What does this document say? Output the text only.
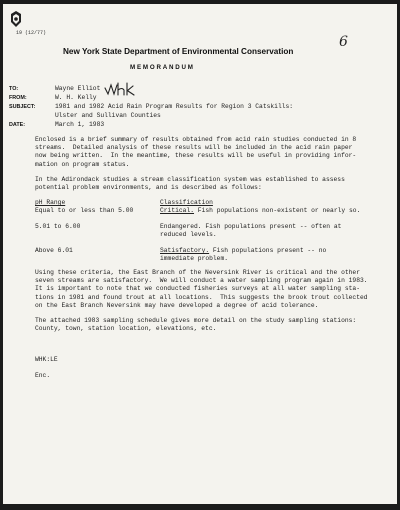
19 (12/77)
6
New York State Department of Environmental Conservation
MEMORANDUM
TO:	Wayne Elliot
FROM:	W. H. Kelly
SUBJECT:	1981 and 1982 Acid Rain Program Results for Region 3 Catskills:
Ulster and Sullivan Counties
DATE:	March 1, 1983

Enclosed is a brief summary of results obtained from acid rain studies conducted in 8
streams.  Detailed analysis of these results will be included in the acid rain paper
now being written.  In the meantime, these results will be useful in providing infor-
mation on program status.

In the Adirondack studies a stream classification system was established to assess
potential problem environments, and is described as follows:

pH Range	Classification
Equal to or less than 5.00	Critical. Fish populations non-existent or nearly so.
5.01 to 6.00	Endangered. Fish populations present -- often at
reduced levels.
Above 6.01	Satisfactory. Fish populations present -- no
immediate problem.

Using these criteria, the East Branch of the Neversink River is critical and the other
seven streams are satisfactory.  We will conduct a water sampling program again in 1983.
It is important to note that we conducted fisheries surveys at all water sampling sta-
tions in 1981 and found trout at all locations.  This suggests the brook trout collected
on the East Branch Neversink may have developed a degree of acid tolerance.

The attached 1983 sampling schedule gives more detail on the study sampling stations:
County, town, station location, elevations, etc.

WHK:LE
Enc.
